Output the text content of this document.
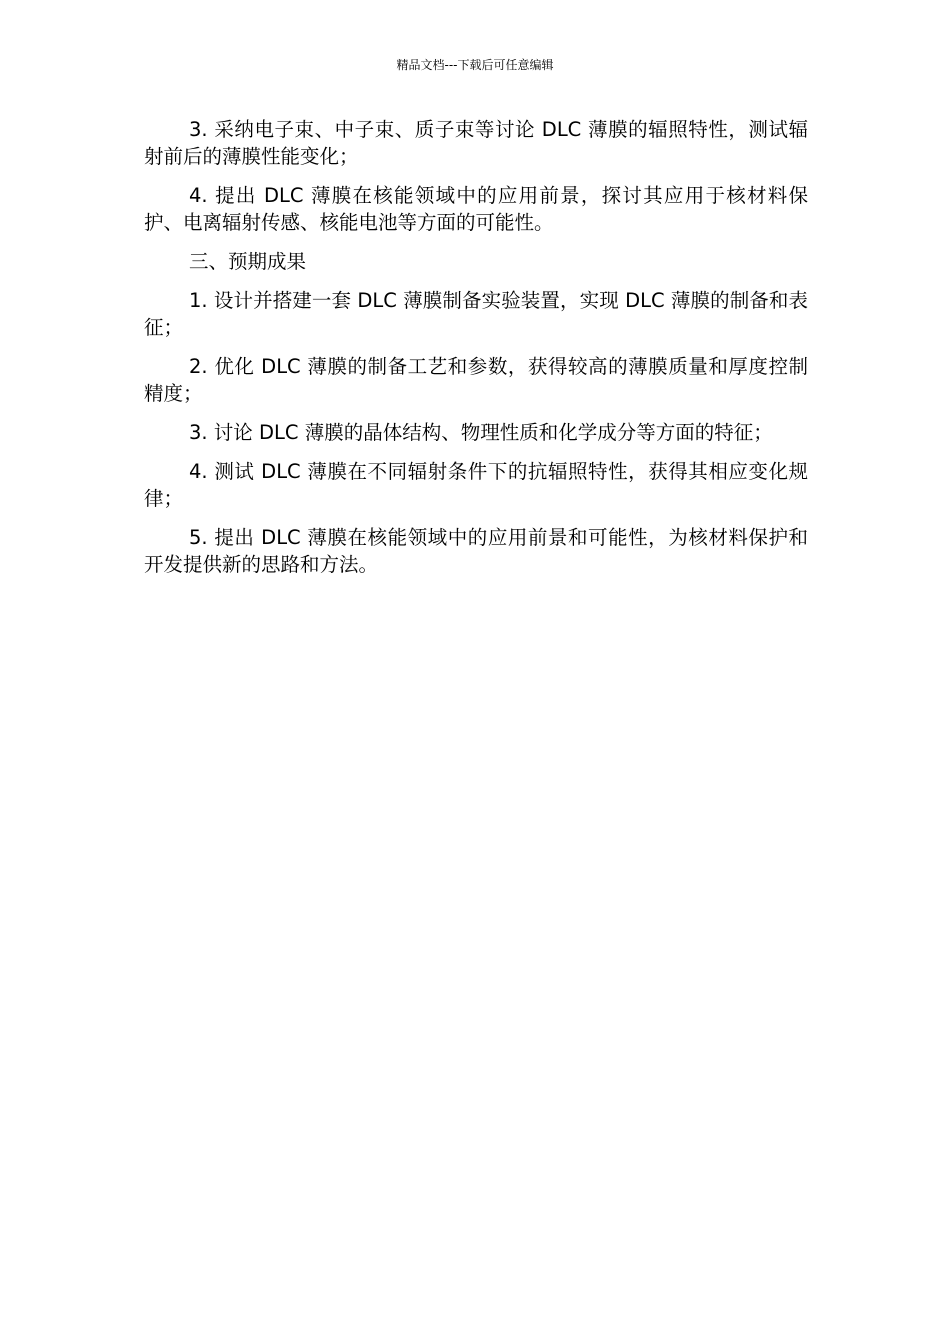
精品文档---下载后可任意编辑

3. 采纳电子束、中子束、质子束等讨论 DLC 薄膜的辐照特性，测试辐射前后的薄膜性能变化；

4. 提出 DLC 薄膜在核能领域中的应用前景，探讨其应用于核材料保护、电离辐射传感、核能电池等方面的可能性。

三、预期成果

1. 设计并搭建一套 DLC 薄膜制备实验装置，实现 DLC 薄膜的制备和表征；

2. 优化 DLC 薄膜的制备工艺和参数，获得较高的薄膜质量和厚度控制精度；

3. 讨论 DLC 薄膜的晶体结构、物理性质和化学成分等方面的特征；

4. 测试 DLC 薄膜在不同辐射条件下的抗辐照特性，获得其相应变化规律；

5. 提出 DLC 薄膜在核能领域中的应用前景和可能性，为核材料保护和开发提供新的思路和方法。
